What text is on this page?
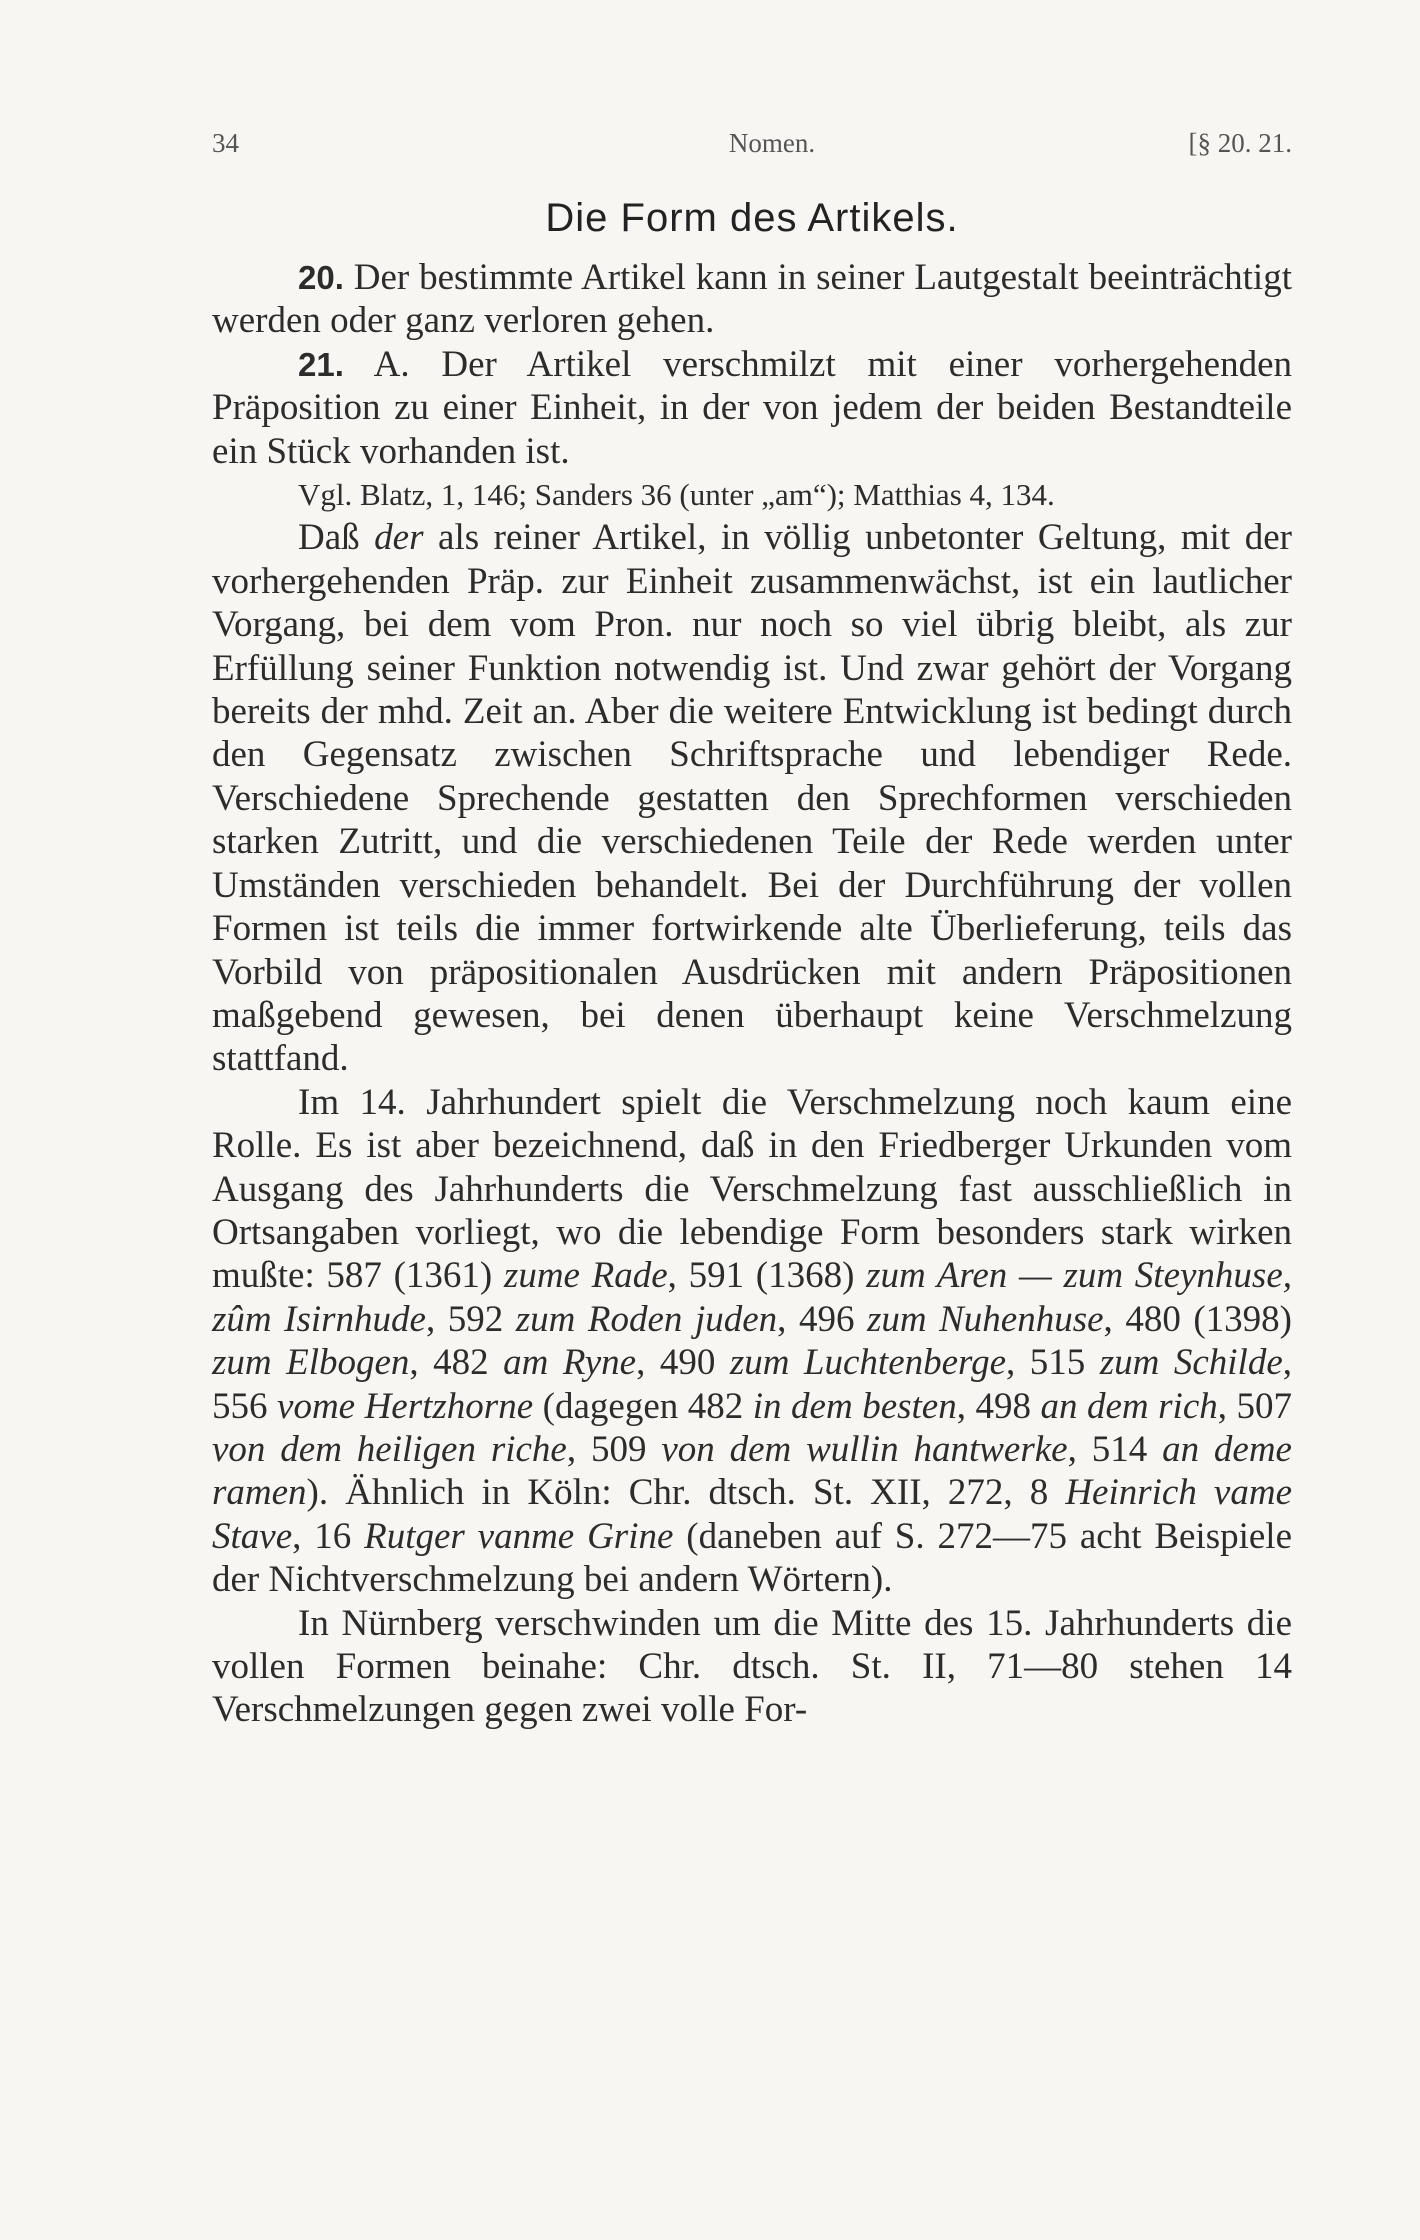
34	Nomen.	[§ 20. 21.
Die Form des Artikels.

20. Der bestimmte Artikel kann in seiner Lautgestalt beeinträchtigt werden oder ganz verloren gehen.

21. A. Der Artikel verschmilzt mit einer vorhergehenden Präposition zu einer Einheit, in der von jedem der beiden Bestandteile ein Stück vorhanden ist.

Vgl. Blatz, 1, 146; Sanders 36 (unter „am“); Matthias 4, 134.

Daß der als reiner Artikel, in völlig unbetonter Geltung, mit der vorhergehenden Präp. zur Einheit zusammenwächst, ist ein lautlicher Vorgang, bei dem vom Pron. nur noch so viel übrig bleibt, als zur Erfüllung seiner Funktion notwendig ist. Und zwar gehört der Vorgang bereits der mhd. Zeit an. Aber die weitere Entwicklung ist bedingt durch den Gegensatz zwischen Schriftsprache und lebendiger Rede. Verschiedene Sprechende gestatten den Sprechformen verschieden starken Zutritt, und die verschiedenen Teile der Rede werden unter Umständen verschieden behandelt. Bei der Durchführung der vollen Formen ist teils die immer fortwirkende alte Überlieferung, teils das Vorbild von präpositionalen Ausdrücken mit andern Präpositionen maßgebend gewesen, bei denen überhaupt keine Verschmelzung stattfand.

Im 14. Jahrhundert spielt die Verschmelzung noch kaum eine Rolle. Es ist aber bezeichnend, daß in den Friedberger Urkunden vom Ausgang des Jahrhunderts die Verschmelzung fast ausschließlich in Ortsangaben vorliegt, wo die lebendige Form besonders stark wirken mußte: 587 (1361) zume Rade, 591 (1368) zum Aren — zum Steynhuse, zûm Isirnhude, 592 zum Roden juden, 496 zum Nuhenhuse, 480 (1398) zum Elbogen, 482 am Ryne, 490 zum Luchtenberge, 515 zum Schilde, 556 vome Hertzhorne (dagegen 482 in dem besten, 498 an dem rich, 507 von dem heiligen riche, 509 von dem wullin hantwerke, 514 an deme ramen). Ähnlich in Köln: Chr. dtsch. St. XII, 272, 8 Heinrich vame Stave, 16 Rutger vanme Grine (daneben auf S. 272—75 acht Beispiele der Nichtverschmelzung bei andern Wörtern).

In Nürnberg verschwinden um die Mitte des 15. Jahrhunderts die vollen Formen beinahe: Chr. dtsch. St. II, 71—80 stehen 14 Verschmelzungen gegen zwei volle For-
